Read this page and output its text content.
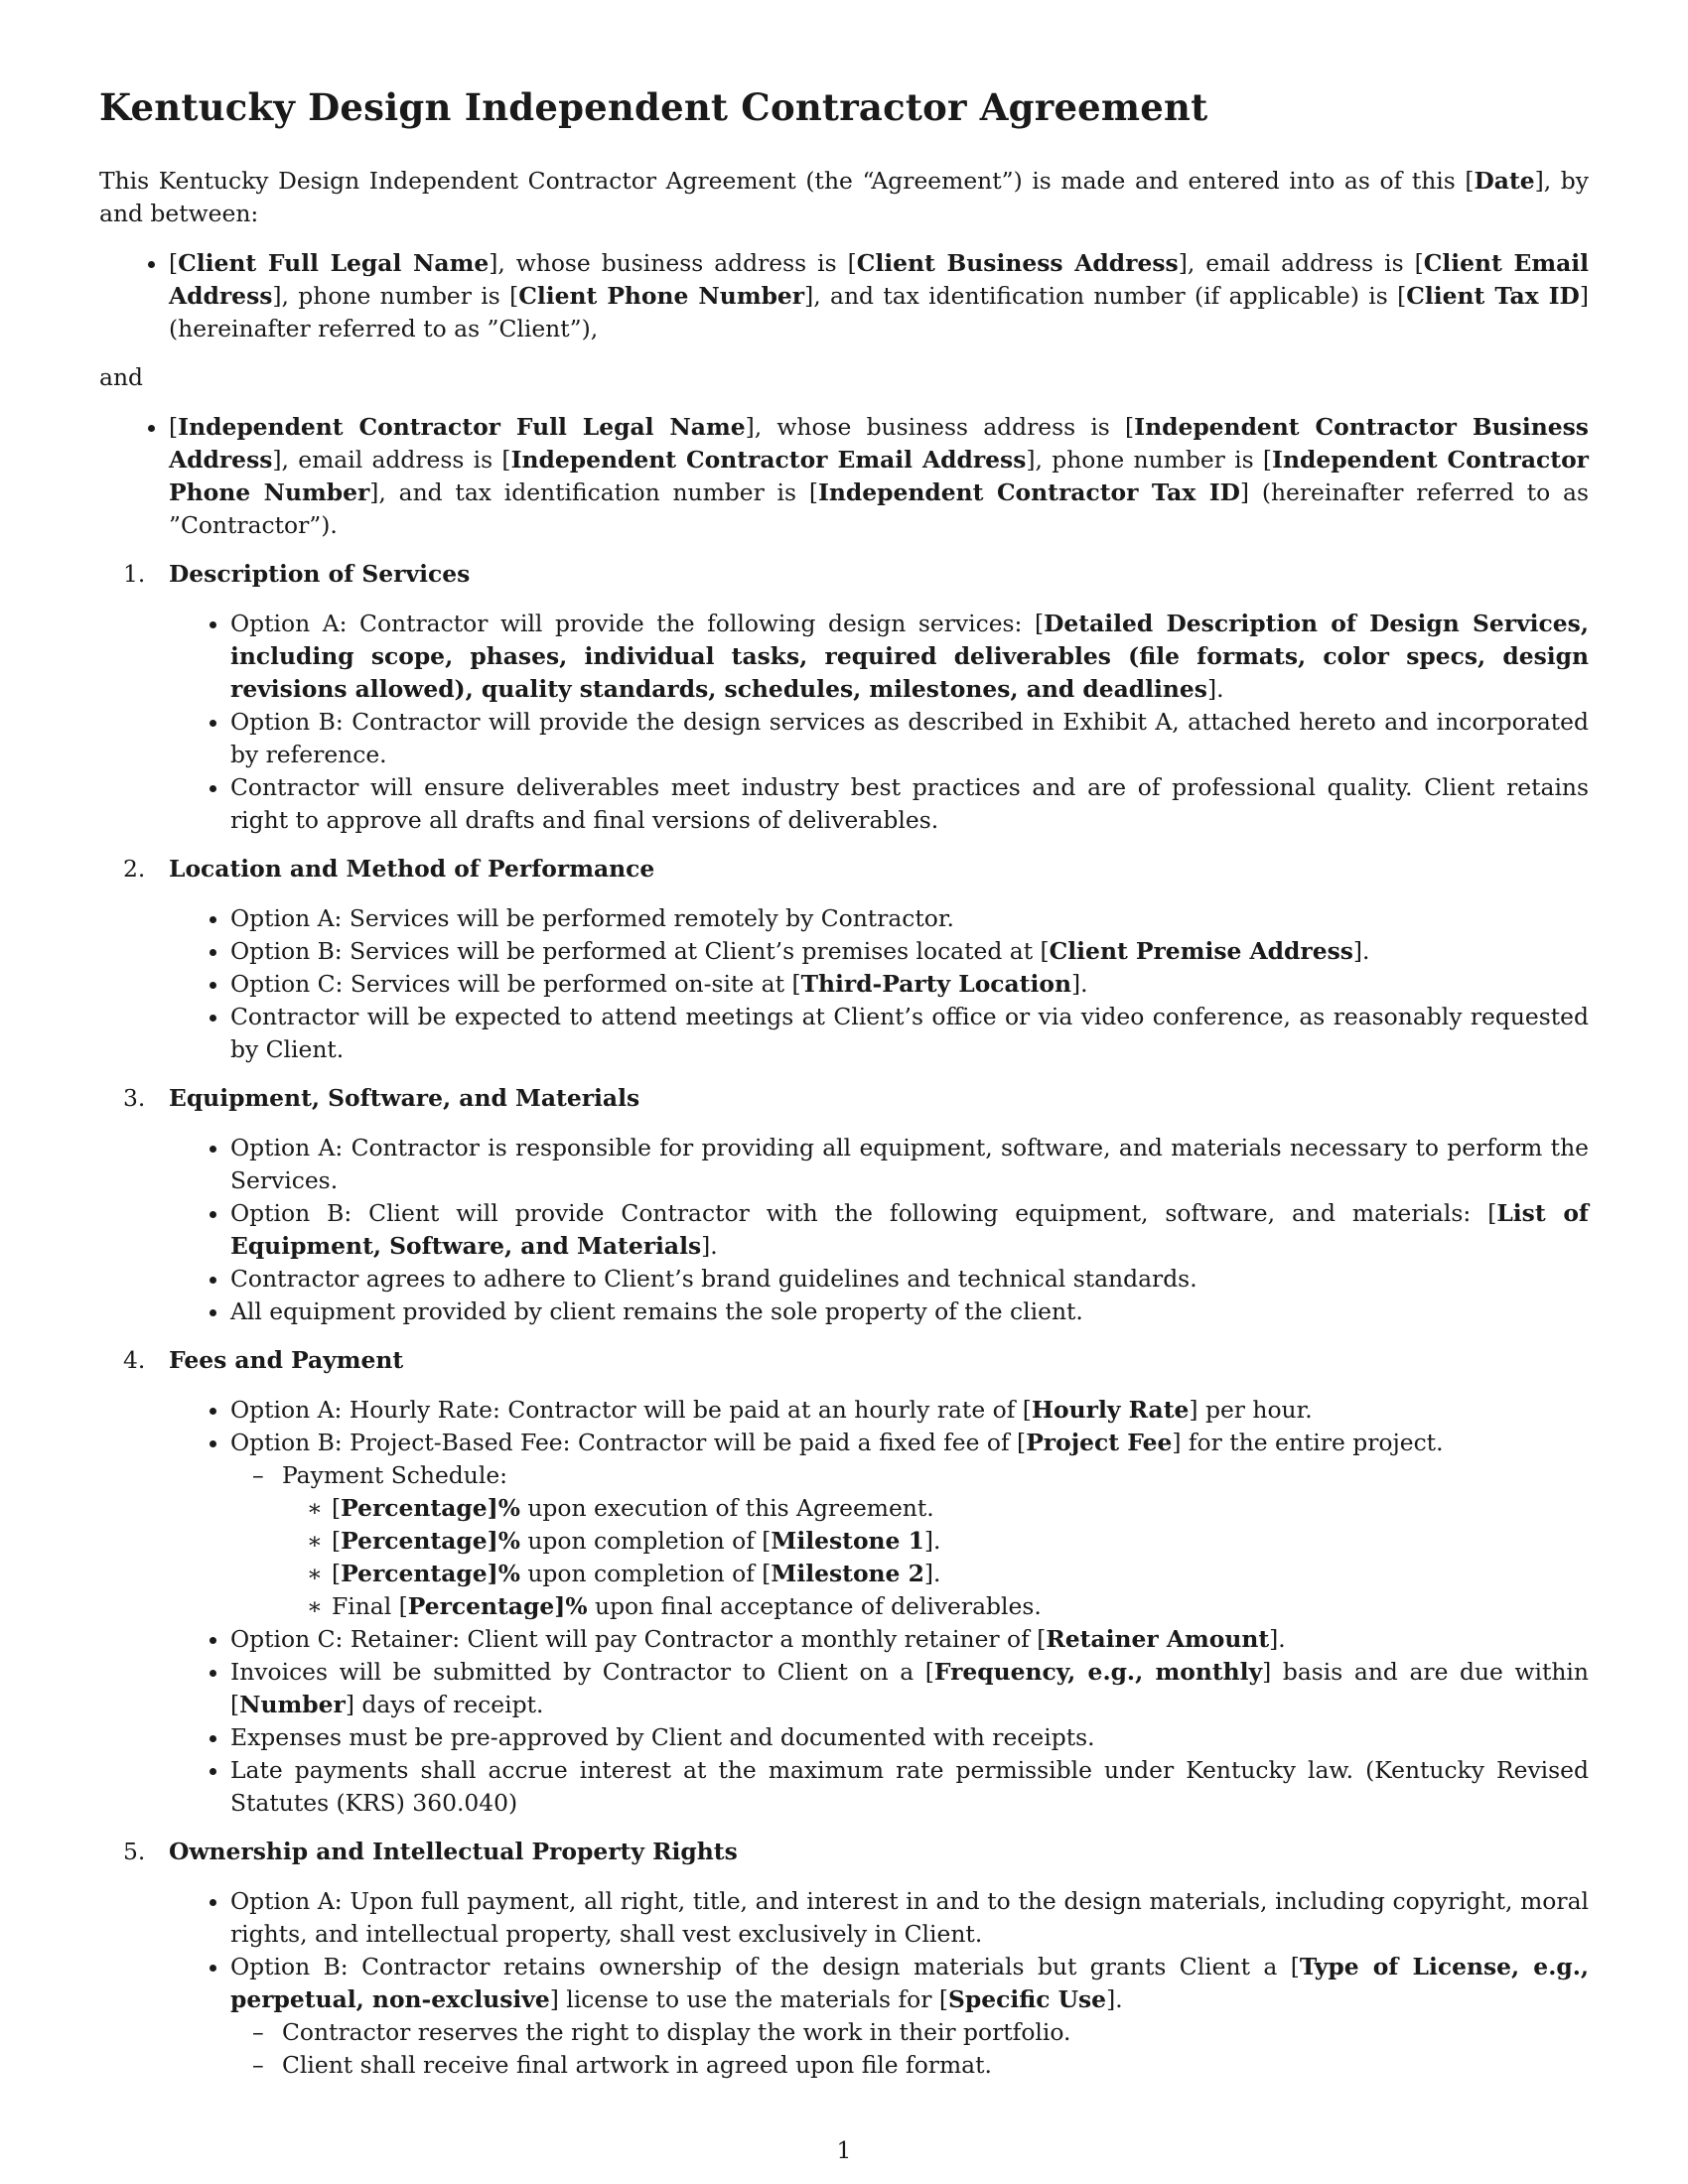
Kentucky Design Independent Contractor Agreement

This Kentucky Design Independent Contractor Agreement (the “Agreement”) is made and entered into as of this [Date], by and between:

• [Client Full Legal Name], whose business address is [Client Business Address], email address is [Client Email Address], phone number is [Client Phone Number], and tax identification number (if applicable) is [Client Tax ID] (hereinafter referred to as ”Client”),

and

• [Independent Contractor Full Legal Name], whose business address is [Independent Contractor Business Address], email address is [Independent Contractor Email Address], phone number is [Independent Contractor Phone Number], and tax identification number is [Independent Contractor Tax ID] (hereinafter referred to as ”Contractor”).
1. Description of Services
• Option A: Contractor will provide the following design services: [Detailed Description of Design Services, including scope, phases, individual tasks, required deliverables (file formats, color specs, design revisions allowed), quality standards, schedules, milestones, and deadlines].
• Option B: Contractor will provide the design services as described in Exhibit A, attached hereto and incorporated by reference.
• Contractor will ensure deliverables meet industry best practices and are of professional quality. Client retains right to approve all drafts and final versions of deliverables.
2. Location and Method of Performance
• Option A: Services will be performed remotely by Contractor.
• Option B: Services will be performed at Client’s premises located at [Client Premise Address].
• Option C: Services will be performed on-site at [Third-Party Location].
• Contractor will be expected to attend meetings at Client’s office or via video conference, as reasonably requested by Client.
3. Equipment, Software, and Materials
• Option A: Contractor is responsible for providing all equipment, software, and materials necessary to perform the Services.
• Option B: Client will provide Contractor with the following equipment, software, and materials: [List of Equipment, Software, and Materials].
• Contractor agrees to adhere to Client’s brand guidelines and technical standards.
• All equipment provided by client remains the sole property of the client.
4. Fees and Payment
• Option A: Hourly Rate: Contractor will be paid at an hourly rate of [Hourly Rate] per hour.
• Option B: Project-Based Fee: Contractor will be paid a fixed fee of [Project Fee] for the entire project.
– Payment Schedule:
∗ [Percentage]% upon execution of this Agreement.
∗ [Percentage]% upon completion of [Milestone 1].
∗ [Percentage]% upon completion of [Milestone 2].
∗ Final [Percentage]% upon final acceptance of deliverables.
• Option C: Retainer: Client will pay Contractor a monthly retainer of [Retainer Amount].
• Invoices will be submitted by Contractor to Client on a [Frequency, e.g., monthly] basis and are due within [Number] days of receipt.
• Expenses must be pre-approved by Client and documented with receipts.
• Late payments shall accrue interest at the maximum rate permissible under Kentucky law. (Kentucky Revised Statutes (KRS) 360.040)
5. Ownership and Intellectual Property Rights
• Option A: Upon full payment, all right, title, and interest in and to the design materials, including copyright, moral rights, and intellectual property, shall vest exclusively in Client.
• Option B: Contractor retains ownership of the design materials but grants Client a [Type of License, e.g., perpetual, non-exclusive] license to use the materials for [Specific Use].
– Contractor reserves the right to display the work in their portfolio.
– Client shall receive final artwork in agreed upon file format.
1
